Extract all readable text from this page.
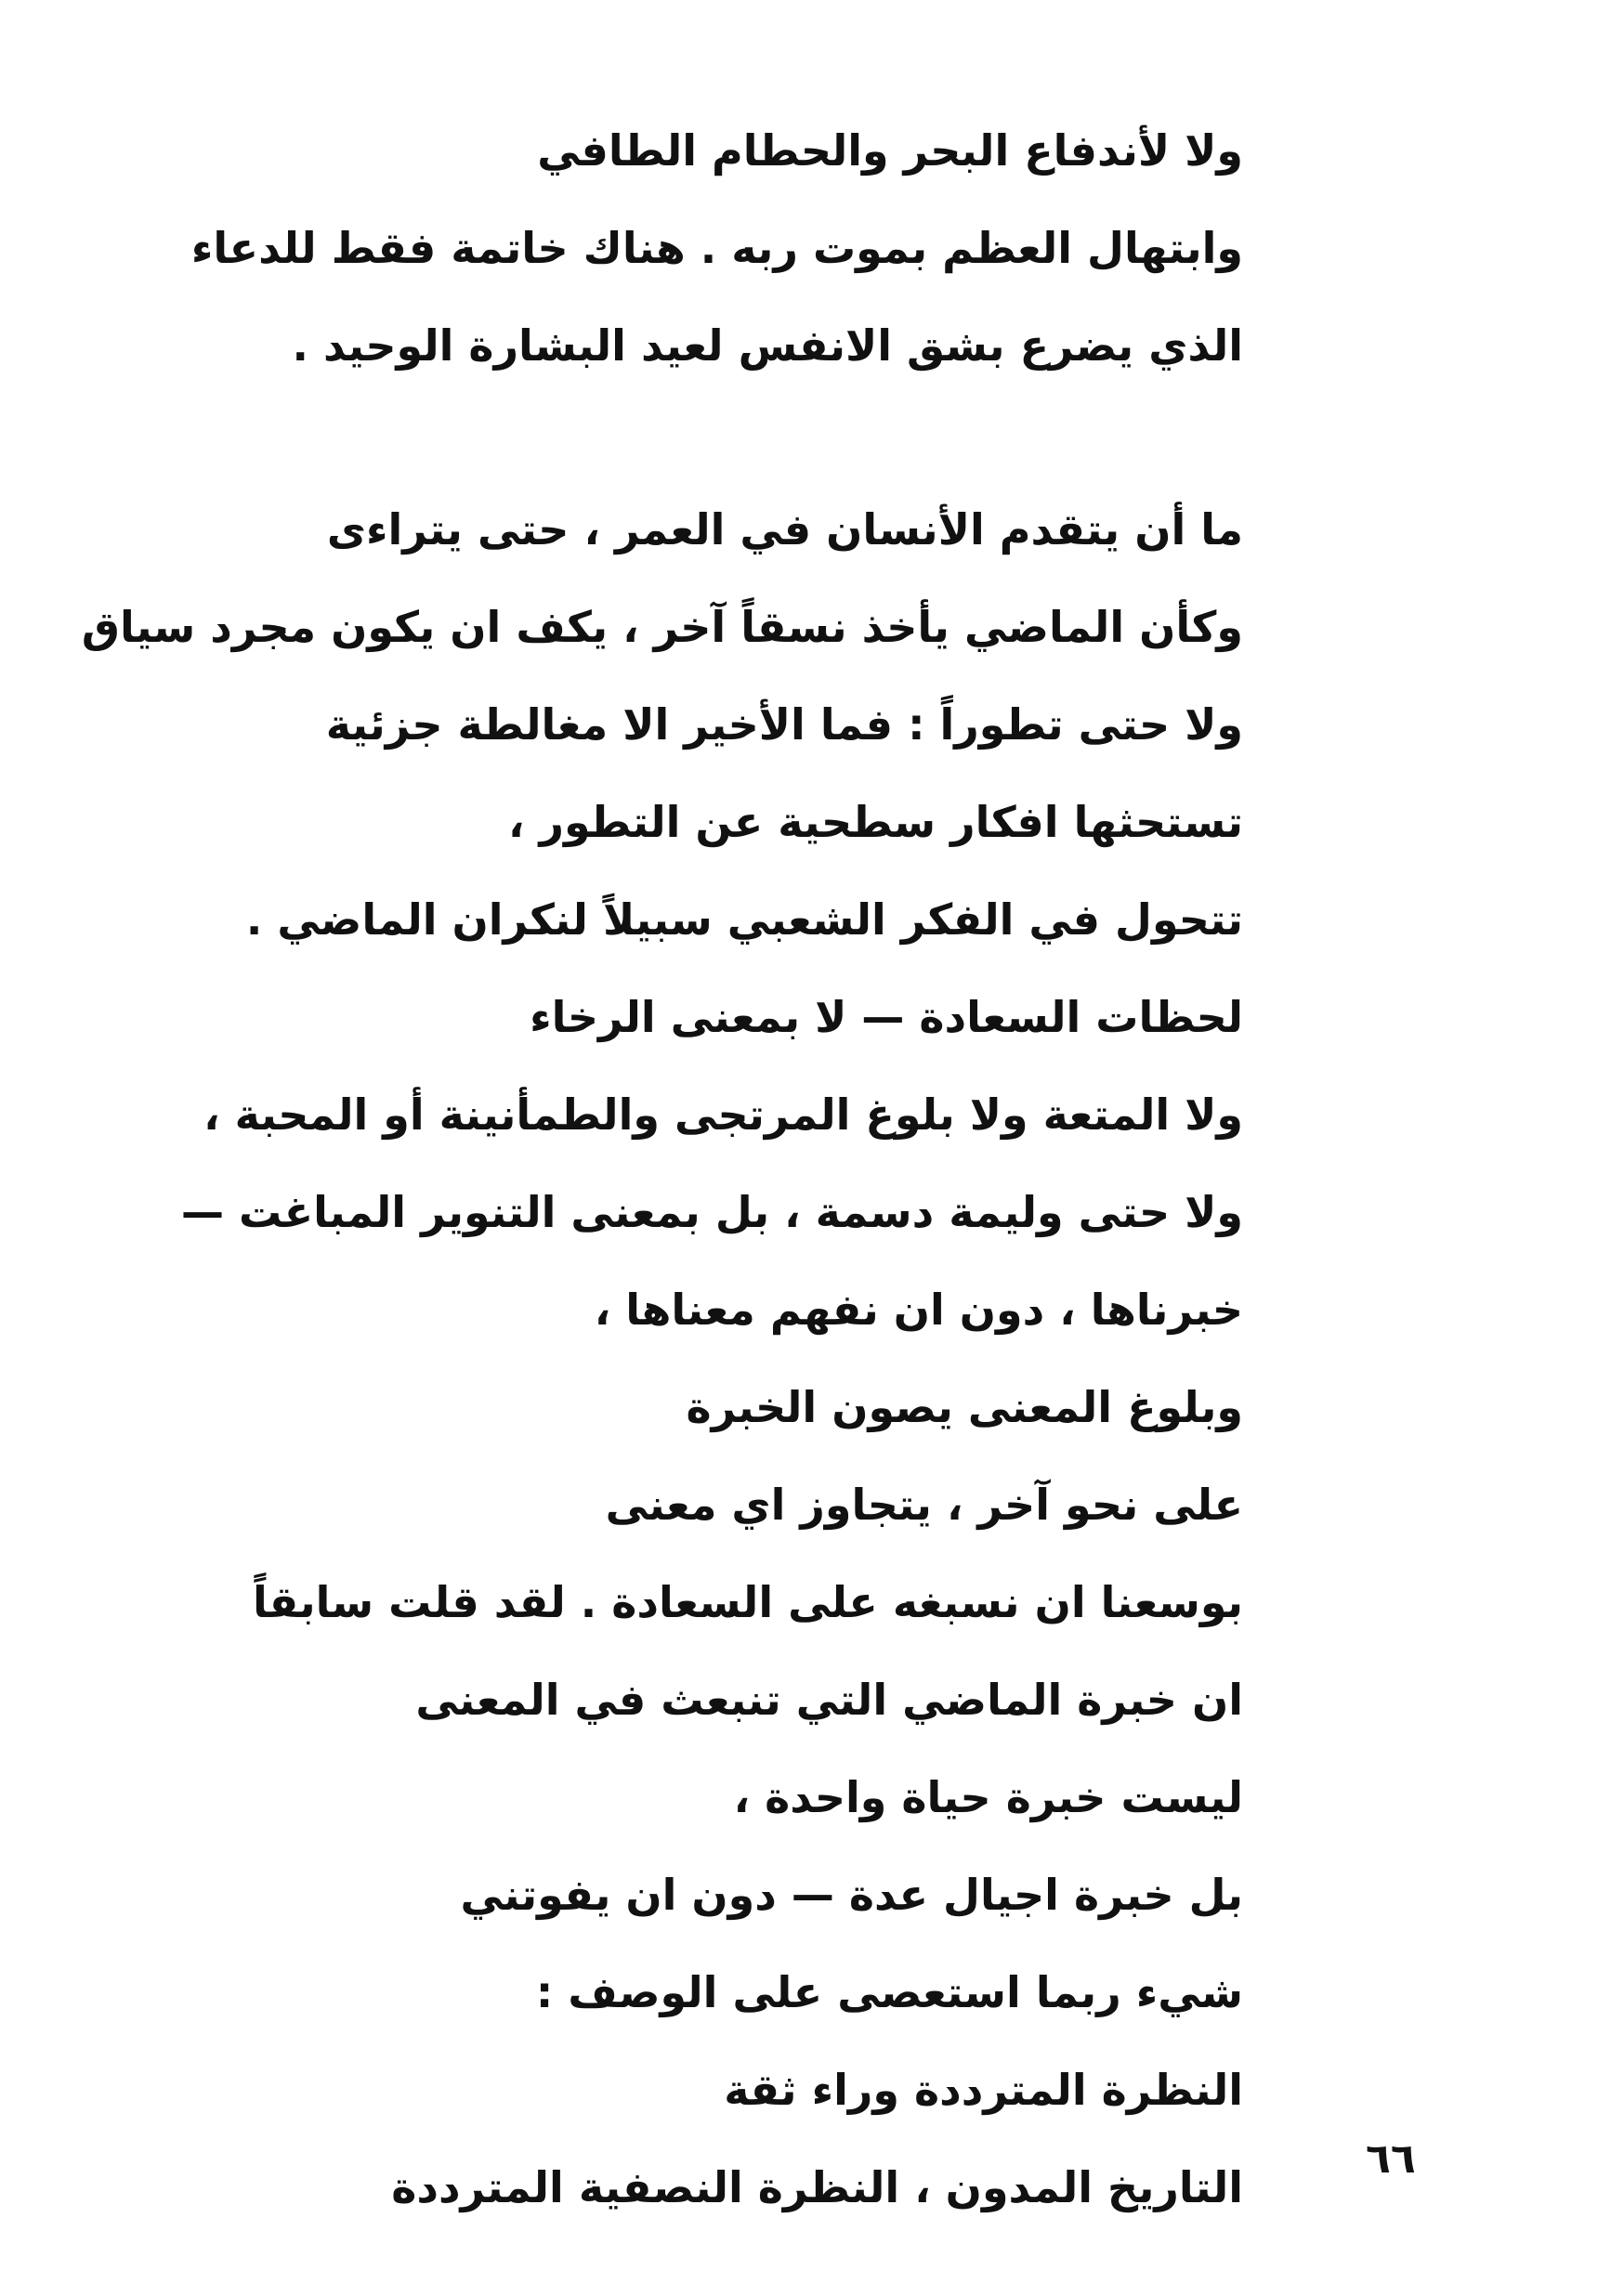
ولا لأندفاع البحر والحطام الطافي
وابتهال العظم بموت ربه . هناك خاتمة فقط للدعاء
الذي يضرع بشق الانفس لعيد البشارة الوحيد .
ما أن يتقدم الأنسان في العمر ، حتى يتراءى
وكأن الماضي يأخذ نسقاً آخر ، يكف ان يكون مجرد سياق
ولا حتى تطوراً : فما الأخير الا مغالطة جزئية
تستحثها افكار سطحية عن التطور ،
تتحول في الفكر الشعبي سبيلاً لنكران الماضي .
لحظات السعادة — لا بمعنى الرخاء
ولا المتعة ولا بلوغ المرتجى والطمأنينة أو المحبة ،
ولا حتى وليمة دسمة ، بل بمعنى التنوير المباغت —
خبرناها ، دون ان نفهم معناها ،
وبلوغ المعنى يصون الخبرة
على نحو آخر ، يتجاوز اي معنى
بوسعنا ان نسبغه على السعادة . لقد قلت سابقاً
ان خبرة الماضي التي تنبعث في المعنى
ليست خبرة حياة واحدة ،
بل خبرة اجيال عدة — دون ان يفوتني
شيء ربما استعصى على الوصف :
النظرة المترددة وراء ثقة
التاريخ المدون ، النظرة النصفية المترددة
٦٦
